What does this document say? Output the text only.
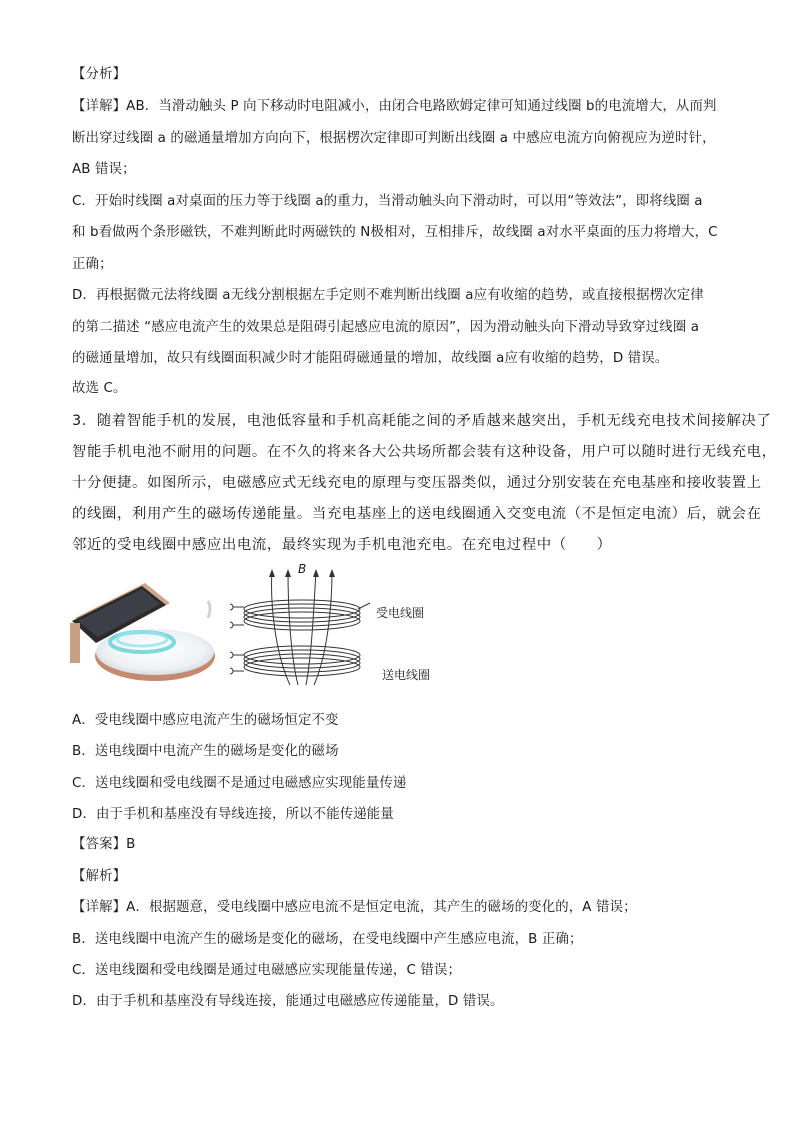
【分析】
【详解】AB．当滑动触头 P 向下移动时电阻减小，由闭合电路欧姆定律可知通过线圈 b的电流增大，从而判
断出穿过线圈 a 的磁通量增加方向向下，根据楞次定律即可判断出线圈 a 中感应电流方向俯视应为逆时针，
AB 错误；
C．开始时线圈 a对桌面的压力等于线圈 a的重力，当滑动触头向下滑动时，可以用“等效法”，即将线圈 a
和 b看做两个条形磁铁，不难判断此时两磁铁的 N极相对，互相排斥，故线圈 a对水平桌面的压力将增大，C
正确；
D．再根据微元法将线圈 a无线分割根据左手定则不难判断出线圈 a应有收缩的趋势，或直接根据楞次定律
的第二描述 “感应电流产生的效果总是阻碍引起感应电流的原因”，因为滑动触头向下滑动导致穿过线圈 a
的磁通量增加，故只有线圈面积减少时才能阻碍磁通量的增加，故线圈 a应有收缩的趋势，D 错误。
故选 C。
3．随着智能手机的发展，电池低容量和手机高耗能之间的矛盾越来越突出，手机无线充电技术间接解决了
智能手机电池不耐用的问题。在不久的将来各大公共场所都会装有这种设备，用户可以随时进行无线充电，
十分便捷。如图所示，电磁感应式无线充电的原理与变压器类似，通过分别安装在充电基座和接收装置上
的线圈，利用产生的磁场传递能量。当充电基座上的送电线圈通入交变电流（不是恒定电流）后，就会在
邻近的受电线圈中感应出电流，最终实现为手机电池充电。在充电过程中（　　）
B
受电线圈
送电线圈
A．受电线圈中感应电流产生的磁场恒定不变
B．送电线圈中电流产生的磁场是变化的磁场
C．送电线圈和受电线圈不是通过电磁感应实现能量传递
D．由于手机和基座没有导线连接，所以不能传递能量
【答案】B
【解析】
【详解】A．根据题意，受电线圈中感应电流不是恒定电流，其产生的磁场的变化的，A 错误；
B．送电线圈中电流产生的磁场是变化的磁场，在受电线圈中产生感应电流，B 正确；
C．送电线圈和受电线圈是通过电磁感应实现能量传递，C 错误；
D．由于手机和基座没有导线连接，能通过电磁感应传递能量，D 错误。
